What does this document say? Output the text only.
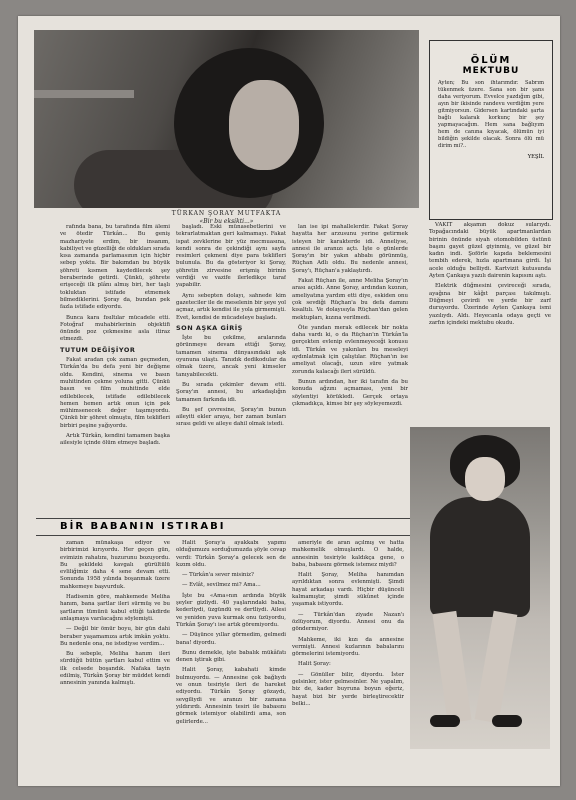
TÜRKAN ŞORAY MUTFAKTA
«Bir bu eksikti...»
ÖLÜM
MEKTUBU
Ayten; Bu son ihtarımdır. Sabrım tükenmek üzere. Sana son bir şans daha veriyorum. Evvelce yazdığım gibi, ayın bir ikisinde randevu verdiğim yere gitmiyorsun. Gidersen kartındaki şarta bağlı kalarak korkunç bir şey yapmayacağım. Hem sana bağlıyım hem de canına kıyacak, ölümün iyi bildiğin şekilde olacak. Sonra ölü mü dirim mi?..
YEŞİL

rafında bana, bu tarafında film âlemi ve ötedir Türkân... Bu geniş mazhariyete erdim, bir insanım, kabiliyet ve güzelliği de oldukları sırada kısa zamanda parlamasının için hiçbir sebep yoktu. Bir bakımdan bu büyük şöhreti kısmen kaydedilecek şey beraberinde getirdi. Çünkü, şöhrete erişeceği ilk plânı almış biri, her taşlı tokluktan istifade etmemek bilmediklerini. Şoray da, bundan pek fazla istifade ediyordu.

Bunca kara fısıltılar mücadele etti. Fotoğraf muhabirlerinin objektifi önünde poz çekmesine asla itiraz etmezdi.

TUTUM DEĞİŞİYOR

Fakat aradan çok zaman geçmeden, Türkân'da bu defa yeni bir değişme oldu. Kendini, sinema ve basın muhitinden çekme yoluna gitti. Çünkü basın ve film muhitinde elde edilebilecek, istifade edilebilecek hemen hemen artık onun için pek mühimsenecek değer taşımıyordu. Çünkü bir şöhret olmuştu, film teklifleri birbiri peşine yağıyordu.

Artık Türkân, kendini tamamen başka ailesiyle içinde ölüm etmeye başladı.

başladı. Eski münasebetlerini ve tekrarlatmaktan geri kalmamayı. Fakat ispat zevklerine bir yüz mecmuasına, kendi sonra de çekindiği aynı sayfa resimleri çekmeni diye para teklifleri bulunula. Bu da gösteriyor ki Şoray, şöhretin zirvesine erişmiş birinin verdiği ve vazife ilerledikçe taraf yapabilir.

Aynı sebepten dolayı, sahnede kim gazeteciler ile de meselenin bir şeye yol açmaz, artık kendisi ile yola girmemişti. Evet, kendisi de mücadeleye başladı.

SON AŞKA GİRİŞ

İşte bu çekilme, aralarında görünmeye devam ettiği Şoray, tamamen sinema dünyasındaki aşk oyununa ulaştı. Tanıdık dedikodular da olmak üzere, ancak yeni kimseler tanıyabilecekti.

Bu sırada çekimler devam etti. Şoray'ın annesi, bu arkadaşlığın tamamen farkında idi.

Bu şef çevresine, Şoray'ın bunun aileyiti ekler araya, her zaman bunları sırası geldi ve aileye dahil olmak istedi.

lan ise ipi mahallelerdir. Fakat Şoray hayatta her arzusunu yerine getirmek isteyen bir karakterde idi. Anneliyse, annesi ile aranızı açtı. İşte o günlerde Şoray'ın bir yakın ahbabı görünmüş, Rüçhan Adlı oldu. Bu nedenle annesi, Şoray'ı, Rüçhan'a yaklaştırdı.

Fakat Rüçhan ile, anne Meliha Şoray'ın arası açıldı. Anne Şoray, ardından kızının, ameliyatına yardım etti diye, eskiden onu çok sevdiği Rüçhan'a bu defa damını kısaltılı. Ve dolayısıyla Rüçhan'dan gelen mektupları, kızına verilmedi.

Öte yandan merak edilecek bir nokta daha vardı ki, o da Rüçhan'ın Türkân'la gerçekten evlenip evlenmeyeceği konusu idi. Türkân ve yakınları bu meseleyi aydınlatmak için çalıştılar. Rüçhan'ın ise ameliyat olacağı, uzun süre yatmak zorunda kalacağı ileri sürüldü.

Bunun ardından, her iki tarafın da bu konuda ağzını açmaması, yeni bir söylentiyi körükledi. Gerçek ortaya çıkmadıkça, kimse bir şey söyleyemezdi.

VAKIT akşamın dokuz sularıydı. Topağacındaki büyük apartmanlardan birinin önünde siyah otomobilden üstünü başını gayet güzel giyinmiş, ve güzel bir kadın indi. Şoförle kapıda beklemesini tembih ederek, hızla apartmana girdi. İşi acele olduğu belliydi. Kartvizit kutusunda Ayten Çankaya yazılı dairenin kapısını aştı.

Elektrik düğmesini çevireceği sırada, ayağına bir kâğıt parçası takılmıştı. Düğmeyi çevirdi ve yerde bir zarf duruyordu. Üzerinde Ayten Çankaya ismi yazılıydı. Aldı. Heyecanla odaya geçti ve zarfın içindeki mektubu okudu.

BİR BABANIN ISTIRABI

zaman münakaşa ediyor ve birbirimizi kırıyordu. Her geçen gün, evimizin rahatını, huzurunu bozuyordu. Bu şekildeki kavgalı gürültülü evliliğimiz daha 4 sene devam etti. Sonunda 1958 yılında boşanmak üzere mahkemeye başvurduk.

Hadisenin göre, mahkemede Meliha hanım, bana şartlar ileri sürmüş ve bu şartların tümünü kabul ettiği takdirde anlaşmaya varılacağını söylemişti.

— Değil bir ömür boyu, bir gün dahi beraber yaşamamıza artık imkân yoktu. Bu nedenle ona, ne istediyse verdim...

Bu sebeple, Meliha hanım ileri sürdüğü bütün şartları kabul ettim ve ilk celsede boşandık. Nafaka tayin edilmiş, Türkân Şoray bir müddet kendi annesinin yanında kalmıştı.

Halit Şoray'a ayakkabı yapımı olduğumuzu sorduğumuzda şöyle cevap verdi: Türkân Şoray'a gelecek sen de kızım oldu.

— Türkân'a sever misiniz?

— Evlât, sevilmez mi? Ama...

İşte bu «Ama»nın ardında büyük şeyler gizliydi. 40 yaşlarındaki baba, kederliydi, üzgündü ve dertliydi. Ailesi ve yeniden yuva kurmak onu üzüyordu, Türkân Şoray'ı ise artık göremiyordu.

— Düşünce yıllar görmedim, gelmedi bana! diyordu.

Bunu demekle, işte babalık mükâfatı denen iştirak gibi.

Halit Şoray, kabahati kimde bulmuyordu. — Annesine çok bağlıydı ve onun tesiriyle ileri de hareket ediyordu. Türkân Şoray gözaydı, sevgiliydi ve aranızı bir zamana yıldırırdı. Annesinin tesiri ile babasını görmek istemiyor olabilirdi ama, son gelirlerde...

ameriyle de aran açılmış ve hatta mahkemelik olmuşlardı. O halde, annesinin tesiriyle kaldıkça gene, o baba, babasını görmek istemez miydi?

Halit Şoray, Meliha hanımdan ayrıldıktan sonra evlenmişti. Şimdi hayat arkadaşı vardı. Hiçbir düşünceli kalmamıştır, şimdi sükûnet içinde yaşamak istiyordu.

— Türkân'dan ziyade Nazan'ı özlüyorum, diyordu. Annesi onu da göndermiyor.

Mahkeme, iki kızı da annesine vermişti. Annesi kızlarının babalarını görmelerini istemiyordu.

Halit Şoray:

— Gönüller bilir, diyordu. İster gelsinler, ister gelmesinler. Ne yapalım, biz de, kader buyruna boyun eğeriz, hayat bizi bir yerde birleştirecektir belki...
